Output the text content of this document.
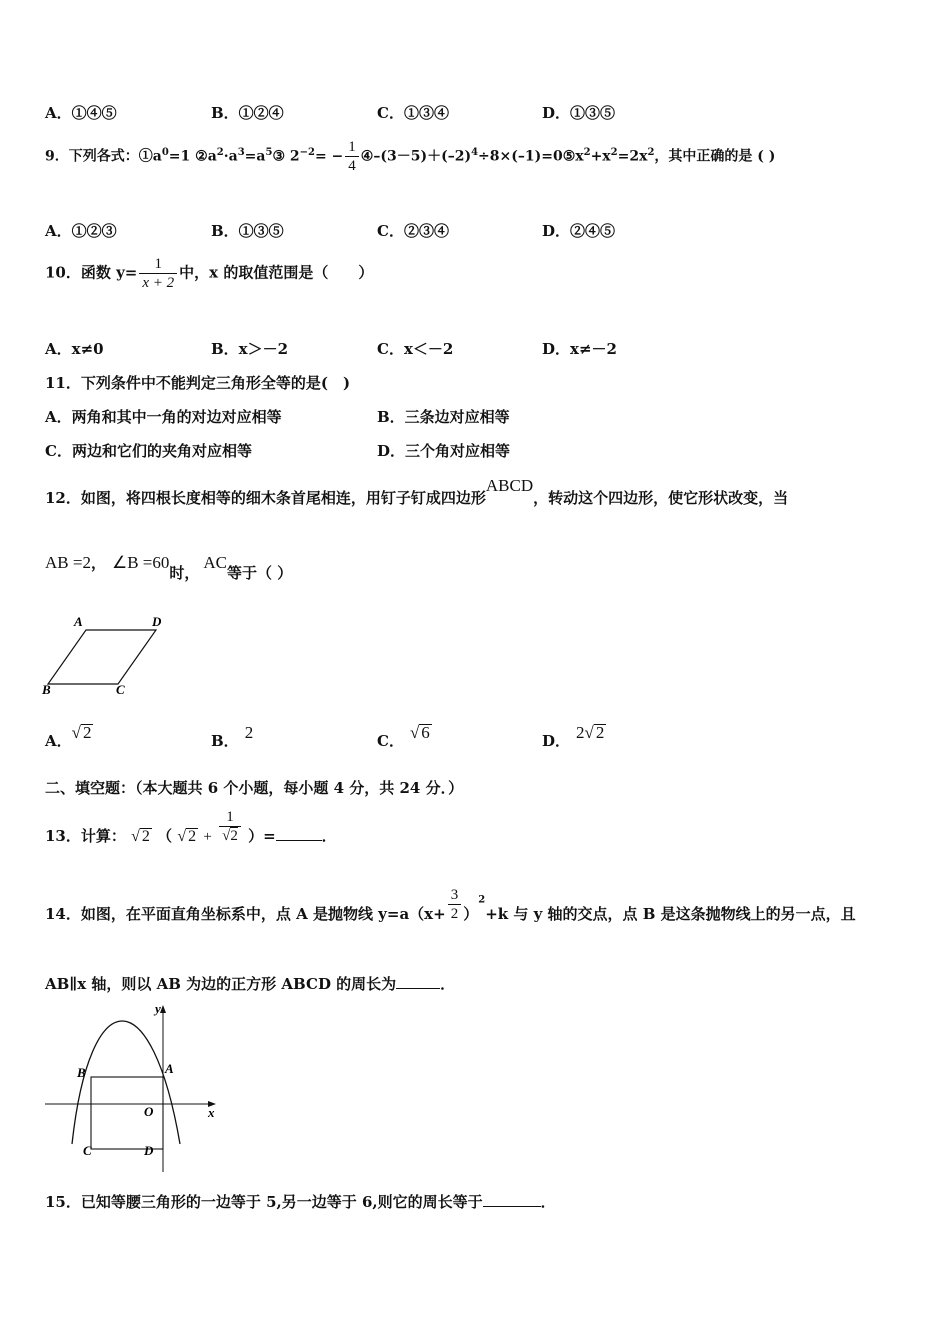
A．①④⑤	B．①②④	C．①③④	D．①③⑤
9．下列各式：$①a^0=1$ $②a^2\cdot a^3=a^5③$ $2^{-2}= - \frac{1}{4}$ $④-(3-5)+(-2)^4\div 8\times(-1)=0⑤x^2+x^2=2x^2$，其中正确的是 ( )
A．①②③	B．①③⑤	C．②③④	D．②④⑤
10．函数 $y= \frac{1}{x + 2}$ 中，x 的取值范围是（　　）
A．x≠0	B．x＞－2	C．x＜－2	D．x≠－2
11．下列条件中不能判定三角形全等的是(　)
A．两角和其中一角的对边对应相等	B．三条边对应相等
C．两边和它们的夹角对应相等	D．三个角对应相等
12．如图，将四根长度相等的细木条首尾相连，用钉子钉成四边形ABCD，转动这个四边形，使它形状改变，当
AB =2， ∠B =60时，AC等于（ ）
A	D
B	C
A．√ 2	B． 2	C． √ 6	D． 2√ 2
二、填空题：（本大题共 6 个小题，每小题 4 分，共 24 分．）
13．计算： √ 2 （ √ $2 + \frac{1}{√2}$ ）=	．
14．如图，在平面直角坐标系中，点 A 是抛物线 $y=a(x+ \frac{3}{2} )^2+k$ 与 y 轴的交点，点 B 是这条抛物线上的另一点，且
AB∥x 轴，则以 AB 为边的正方形 ABCD 的周长为	．
y
x
A
B
O
C	D
15．已知等腰三角形的一边等于 5,另一边等于 6,则它的周长等于	．
